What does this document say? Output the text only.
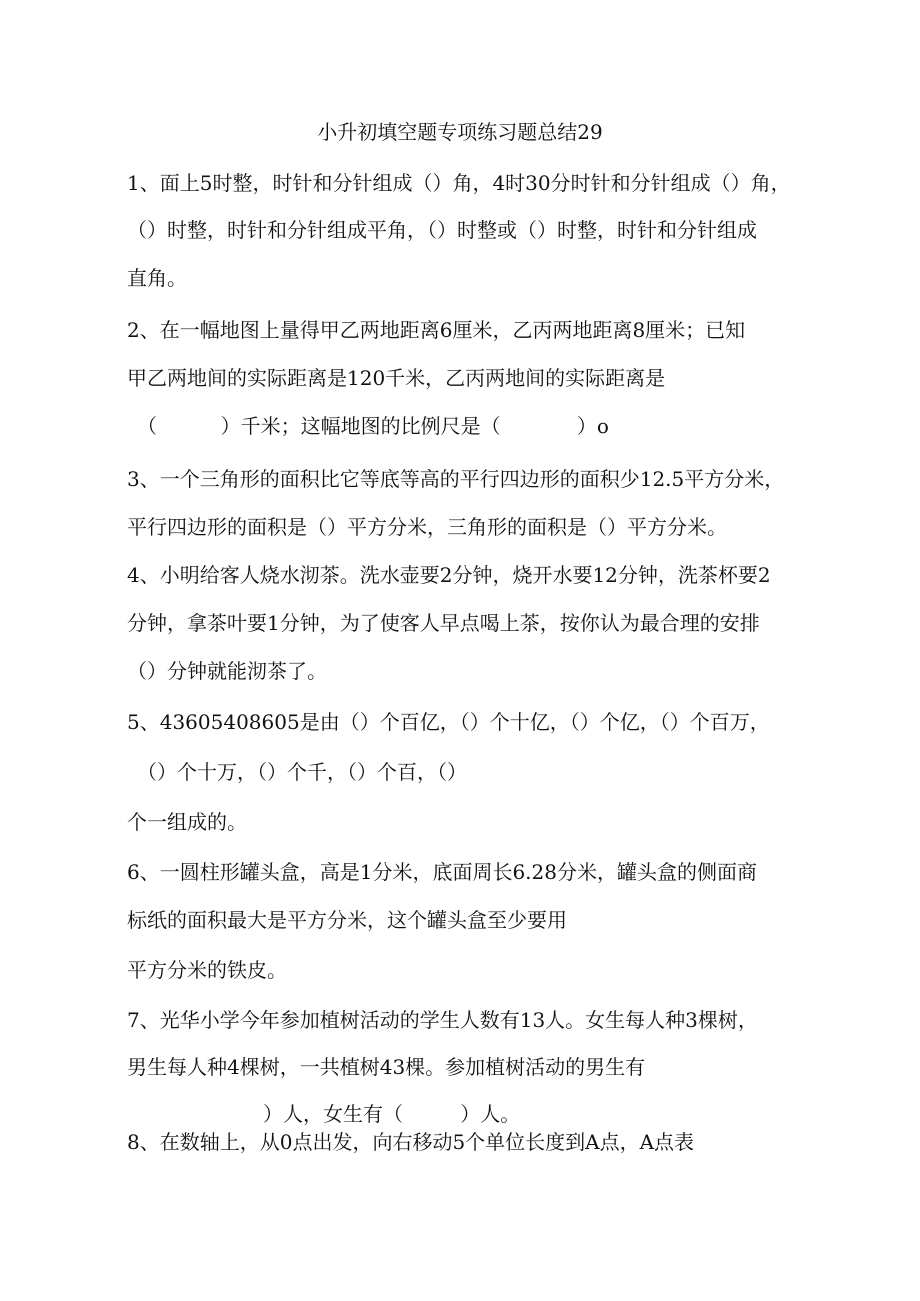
小升初填空题专项练习题总结29
1、面上5时整，时针和分针组成（）角，4时30分时针和分针组成（）角，
（）时整，时针和分针组成平角，（）时整或（）时整，时针和分针组成
直角。
2、在一幅地图上量得甲乙两地距离6厘米，乙丙两地距离8厘米；已知
甲乙两地间的实际距离是120千米，乙丙两地间的实际距离是
（          ）千米；这幅地图的比例尺是（            ）o
3、一个三角形的面积比它等底等高的平行四边形的面积少12.5平方分米，
平行四边形的面积是（）平方分米，三角形的面积是（）平方分米。
4、小明给客人烧水沏茶。洗水壶要2分钟，烧开水要12分钟，洗茶杯要2
分钟，拿茶叶要1分钟，为了使客人早点喝上茶，按你认为最合理的安排
（）分钟就能沏茶了。
5、43605408605是由（）个百亿，（）个十亿，（）个亿，（）个百万，
（）个十万，（）个千，（）个百，（）
个一组成的。
6、一圆柱形罐头盒，高是1分米，底面周长6.28分米，罐头盒的侧面商
标纸的面积最大是平方分米，这个罐头盒至少要用
平方分米的铁皮。
7、光华小学今年参加植树活动的学生人数有13人。女生每人种3棵树，
男生每人种4棵树，一共植树43棵。参加植树活动的男生有
）人，女生有（         ）人。
8、在数轴上，从0点出发，向右移动5个单位长度到A点，A点表
